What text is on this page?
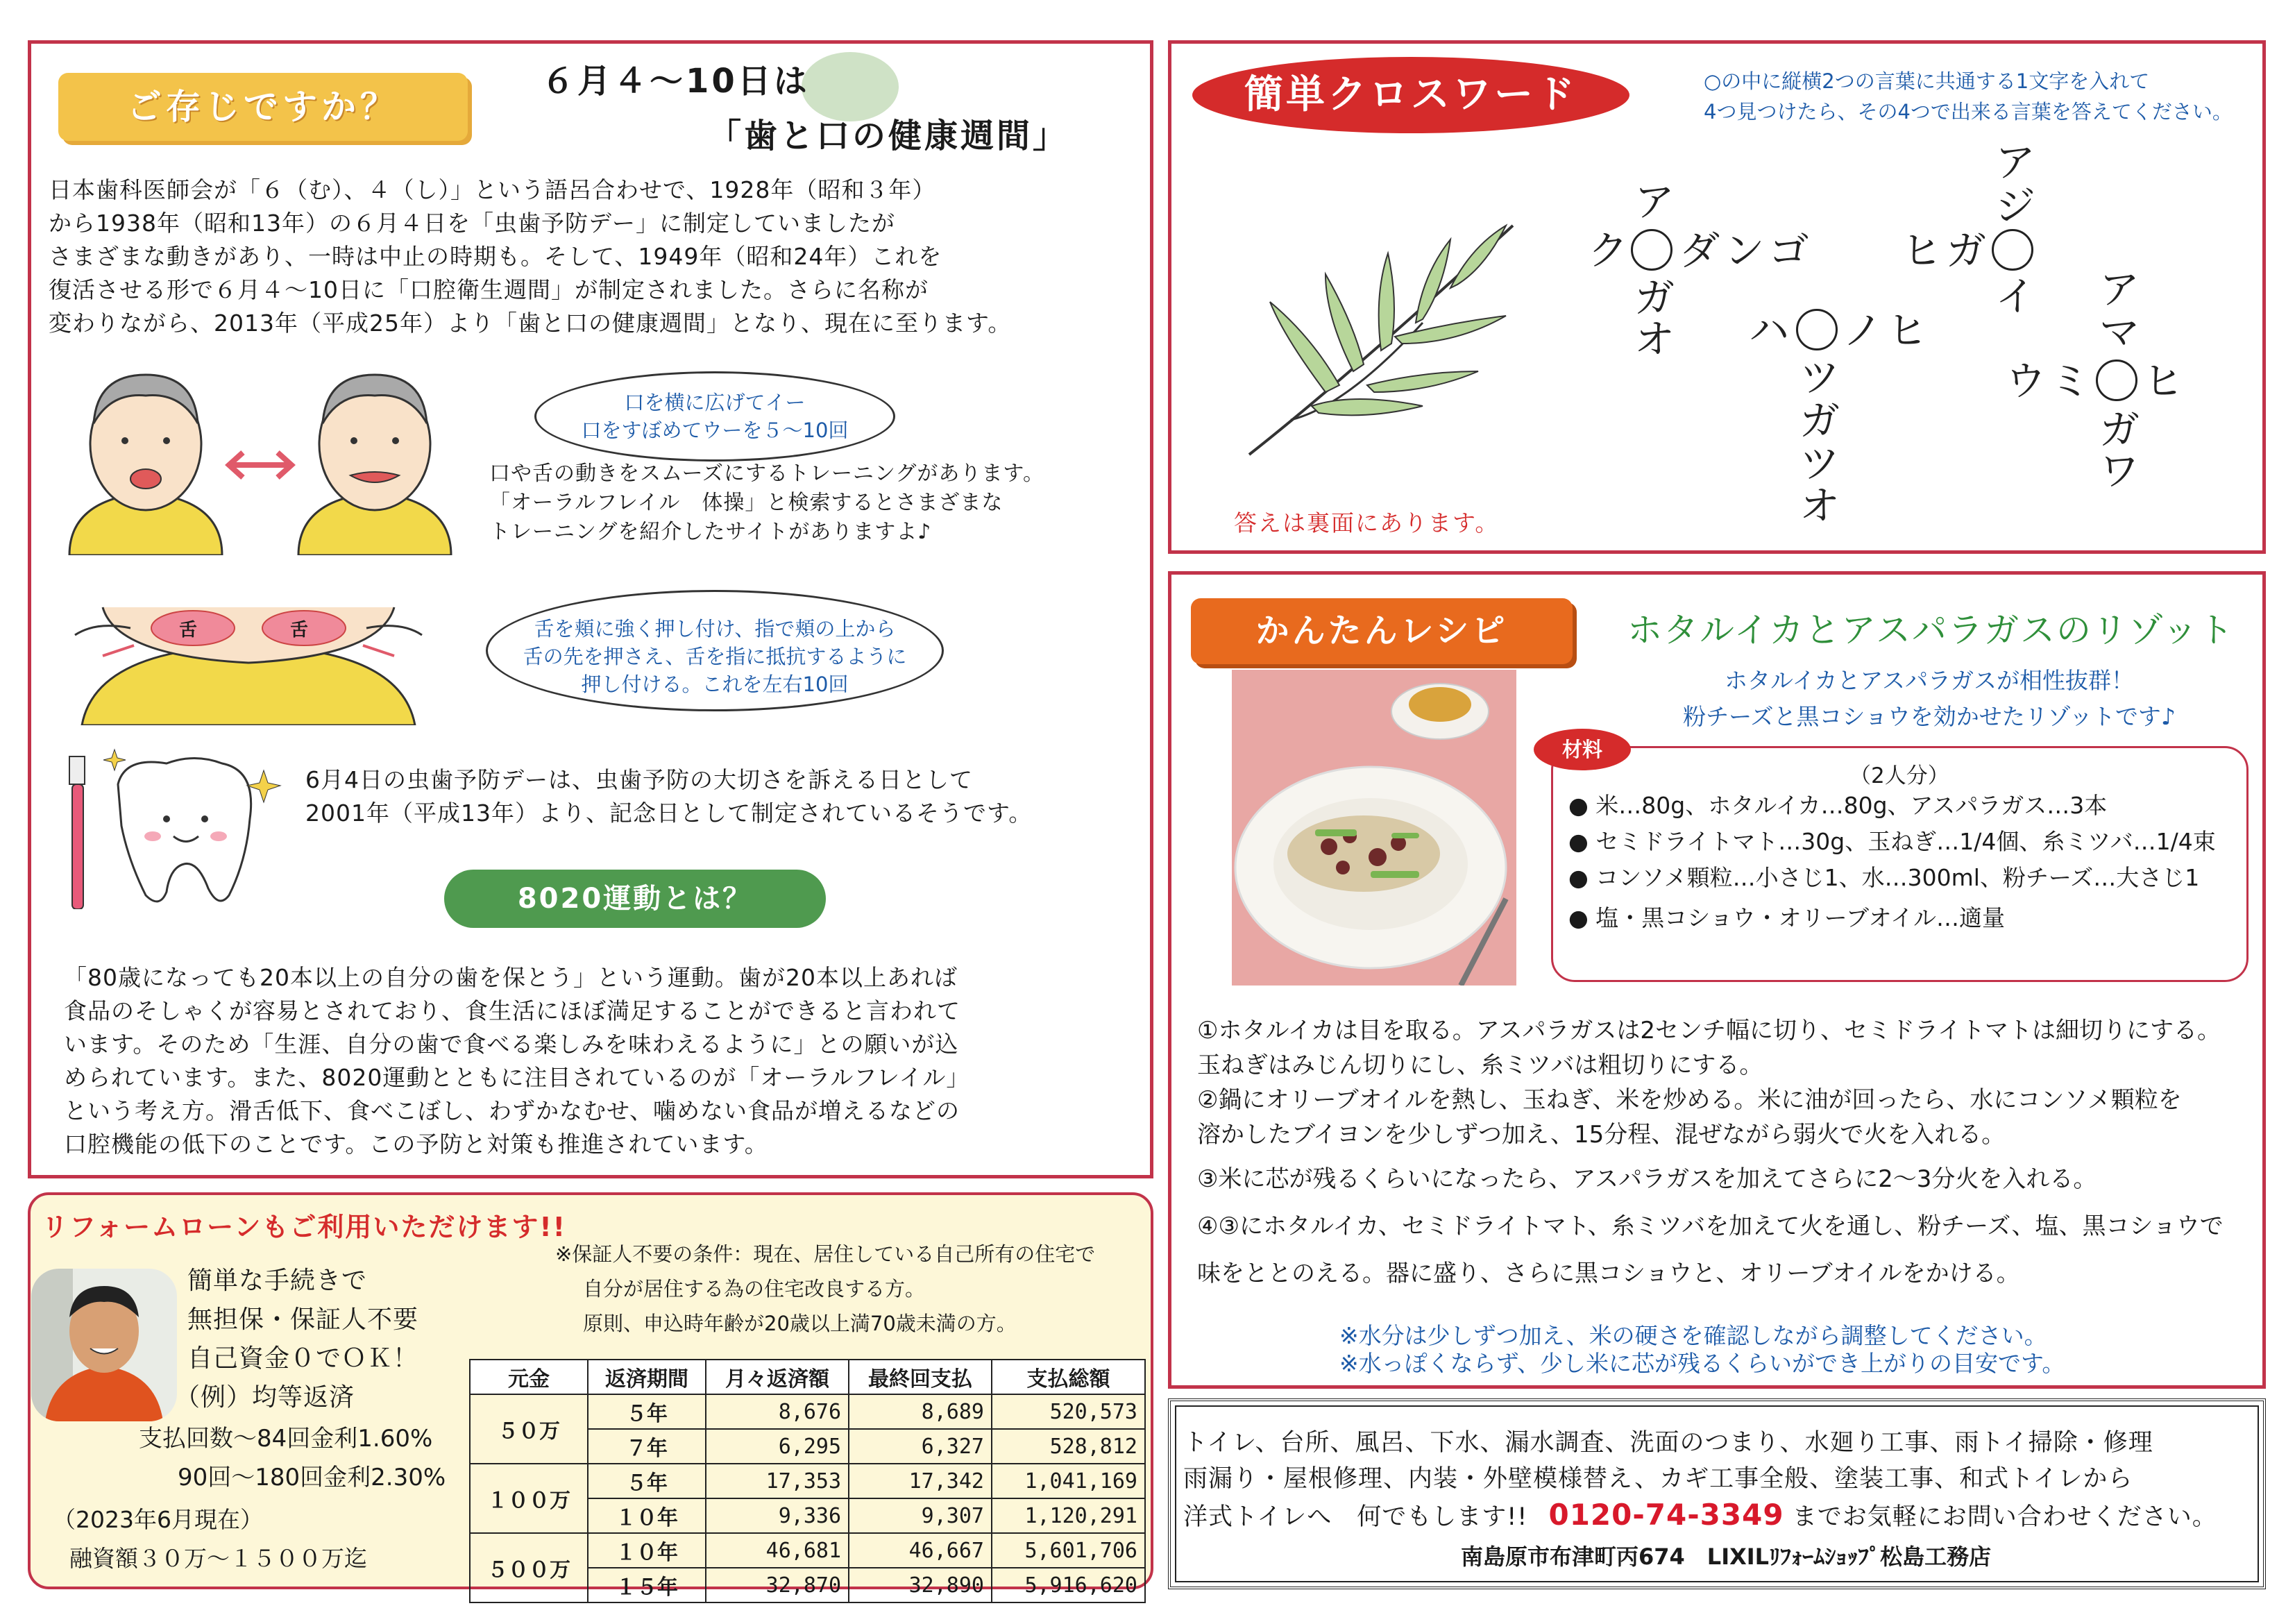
ご存じですか？
６月４～10日は
「歯と口の健康週間」
日本歯科医師会が「６（む）、４（し）」という語呂合わせで、1928年（昭和３年）
から1938年（昭和13年）の６月４日を「虫歯予防デー」に制定していましたが
さまざまな動きがあり、一時は中止の時期も。そして、1949年（昭和24年）これを
復活させる形で６月４～10日に「口腔衛生週間」が制定されました。さらに名称が
変わりながら、2013年（平成25年）より「歯と口の健康週間」となり、現在に至ります。
口を横に広げてイー
口をすぼめてウーを５～10回
口や舌の動きをスムーズにするトレーニングがあります。
「オーラルフレイル　体操」と検索するとさまざまな
トレーニングを紹介したサイトがありますよ♪
舌	舌	舌を頬に強く押し付け、指で頬の上から
舌の先を押さえ、舌を指に抵抗するように
押し付ける。これを左右10回
6月4日の虫歯予防デーは、虫歯予防の大切さを訴える日として
2001年（平成13年）より、記念日として制定されているそうです。
8020運動とは？
「80歳になっても20本以上の自分の歯を保とう」という運動。歯が20本以上あれば
食品のそしゃくが容易とされており、食生活にほぼ満足することができると言われて
います。そのため「生涯、自分の歯で食べる楽しみを味わえるように」との願いが込
められています。また、8020運動とともに注目されているのが「オーラルフレイル」
という考え方。滑舌低下、食べこぼし、わずかなむせ、噛めない食品が増えるなどの
口腔機能の低下のことです。この予防と対策も推進されています。
リフォームローンもご利用いただけます!!
※保証人不要の条件：現在、居住している自己所有の住宅で
自分が居住する為の住宅改良する方。
原則、申込時年齢が20歳以上満70歳未満の方。
簡単な手続きで
無担保・保証人不要
自己資金０でＯＫ！
（例）均等返済
支払回数～84回金利1.60%
90回～180回金利2.30%
（2023年6月現在）
融資額３０万～１５００万迄
元金	返済期間	月々返済額	最終回支払	支払総額
５０万	５年	8,676	8,689	520,573
	７年	6,295	6,327	528,812
１００万	５年	17,353	17,342	1,041,169
	１０年	9,336	9,307	1,120,291
５００万	１０年	46,681	46,667	5,601,706
	１５年	32,870	32,890	5,916,620
簡単クロスワード	○の中に縦横2つの言葉に共通する1文字を入れて
4つ見つけたら、その4つで出来る言葉を答えてください。
ア
ク ダンゴ
ガ
オ
ア
ジ
ヒガ
イ
ハ ノヒ
ツ
ガ
ツ
オ
ア
マ
ウミ ヒ
ガ
ワ
答えは裏面にあります。
かんたんレシピ	ホタルイカとアスパラガスのリゾット
ホタルイカとアスパラガスが相性抜群！
粉チーズと黒コショウを効かせたリゾットです♪
材料
（2人分）
● 米…80g、ホタルイカ…80g、アスパラガス…3本
● セミドライトマト…30g、玉ねぎ…1/4個、糸ミツバ…1/4束
● コンソメ顆粒…小さじ1、水…300ml、粉チーズ…大さじ1
● 塩・黒コショウ・オリーブオイル…適量
①ホタルイカは目を取る。アスパラガスは2センチ幅に切り、セミドライトマトは細切りにする。
玉ねぎはみじん切りにし、糸ミツバは粗切りにする。
②鍋にオリーブオイルを熱し、玉ねぎ、米を炒める。米に油が回ったら、水にコンソメ顆粒を
溶かしたブイヨンを少しずつ加え、15分程、混ぜながら弱火で火を入れる。
③米に芯が残るくらいになったら、アスパラガスを加えてさらに2～3分火を入れる。
④③にホタルイカ、セミドライトマト、糸ミツバを加えて火を通し、粉チーズ、塩、黒コショウで
味をととのえる。器に盛り、さらに黒コショウと、オリーブオイルをかける。
※水分は少しずつ加え、米の硬さを確認しながら調整してください。
※水っぽくならず、少し米に芯が残るくらいができ上がりの目安です。
トイレ、台所、風呂、下水、漏水調査、洗面のつまり、水廻り工事、雨トイ掃除・修理
雨漏り・屋根修理、内装・外壁模様替え、カギ工事全般、塗装工事、和式トイレから
洋式トイレへ　何でもします!! 0120-74-3349 までお気軽にお問い合わせください。
南島原市布津町丙674　LIXILﾘﾌｫｰﾑｼｮｯﾌﾟ松島工務店
